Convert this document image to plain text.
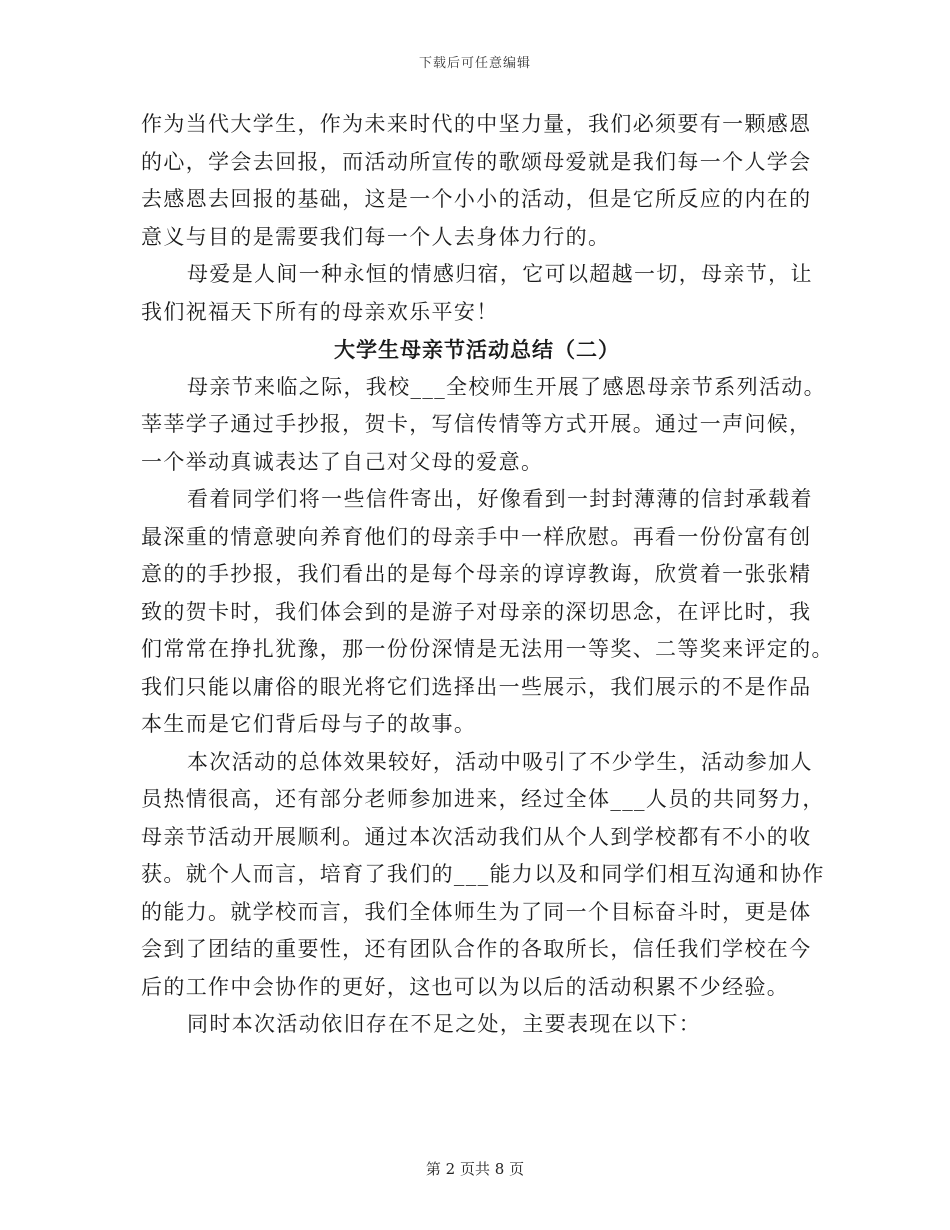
下载后可任意编辑
作为当代大学生，作为未来时代的中坚力量，我们必须要有一颗感恩
的心，学会去回报，而活动所宣传的歌颂母爱就是我们每一个人学会
去感恩去回报的基础，这是一个小小的活动，但是它所反应的内在的
意义与目的是需要我们每一个人去身体力行的。
母爱是人间一种永恒的情感归宿，它可以超越一切，母亲节，让
我们祝福天下所有的母亲欢乐平安！
大学生母亲节活动总结（二）
母亲节来临之际，我校___全校师生开展了感恩母亲节系列活动。
莘莘学子通过手抄报，贺卡，写信传情等方式开展。通过一声问候，
一个举动真诚表达了自己对父母的爱意。
看着同学们将一些信件寄出，好像看到一封封薄薄的信封承载着
最深重的情意驶向养育他们的母亲手中一样欣慰。再看一份份富有创
意的的手抄报，我们看出的是每个母亲的谆谆教诲，欣赏着一张张精
致的贺卡时，我们体会到的是游子对母亲的深切思念，在评比时，我
们常常在挣扎犹豫，那一份份深情是无法用一等奖、二等奖来评定的。
我们只能以庸俗的眼光将它们选择出一些展示，我们展示的不是作品
本生而是它们背后母与子的故事。
本次活动的总体效果较好，活动中吸引了不少学生，活动参加人
员热情很高，还有部分老师参加进来，经过全体___人员的共同努力，
母亲节活动开展顺利。通过本次活动我们从个人到学校都有不小的收
获。就个人而言，培育了我们的___能力以及和同学们相互沟通和协作
的能力。就学校而言，我们全体师生为了同一个目标奋斗时，更是体
会到了团结的重要性，还有团队合作的各取所长，信任我们学校在今
后的工作中会协作的更好，这也可以为以后的活动积累不少经验。
同时本次活动依旧存在不足之处，主要表现在以下：
第 2 页共 8 页
